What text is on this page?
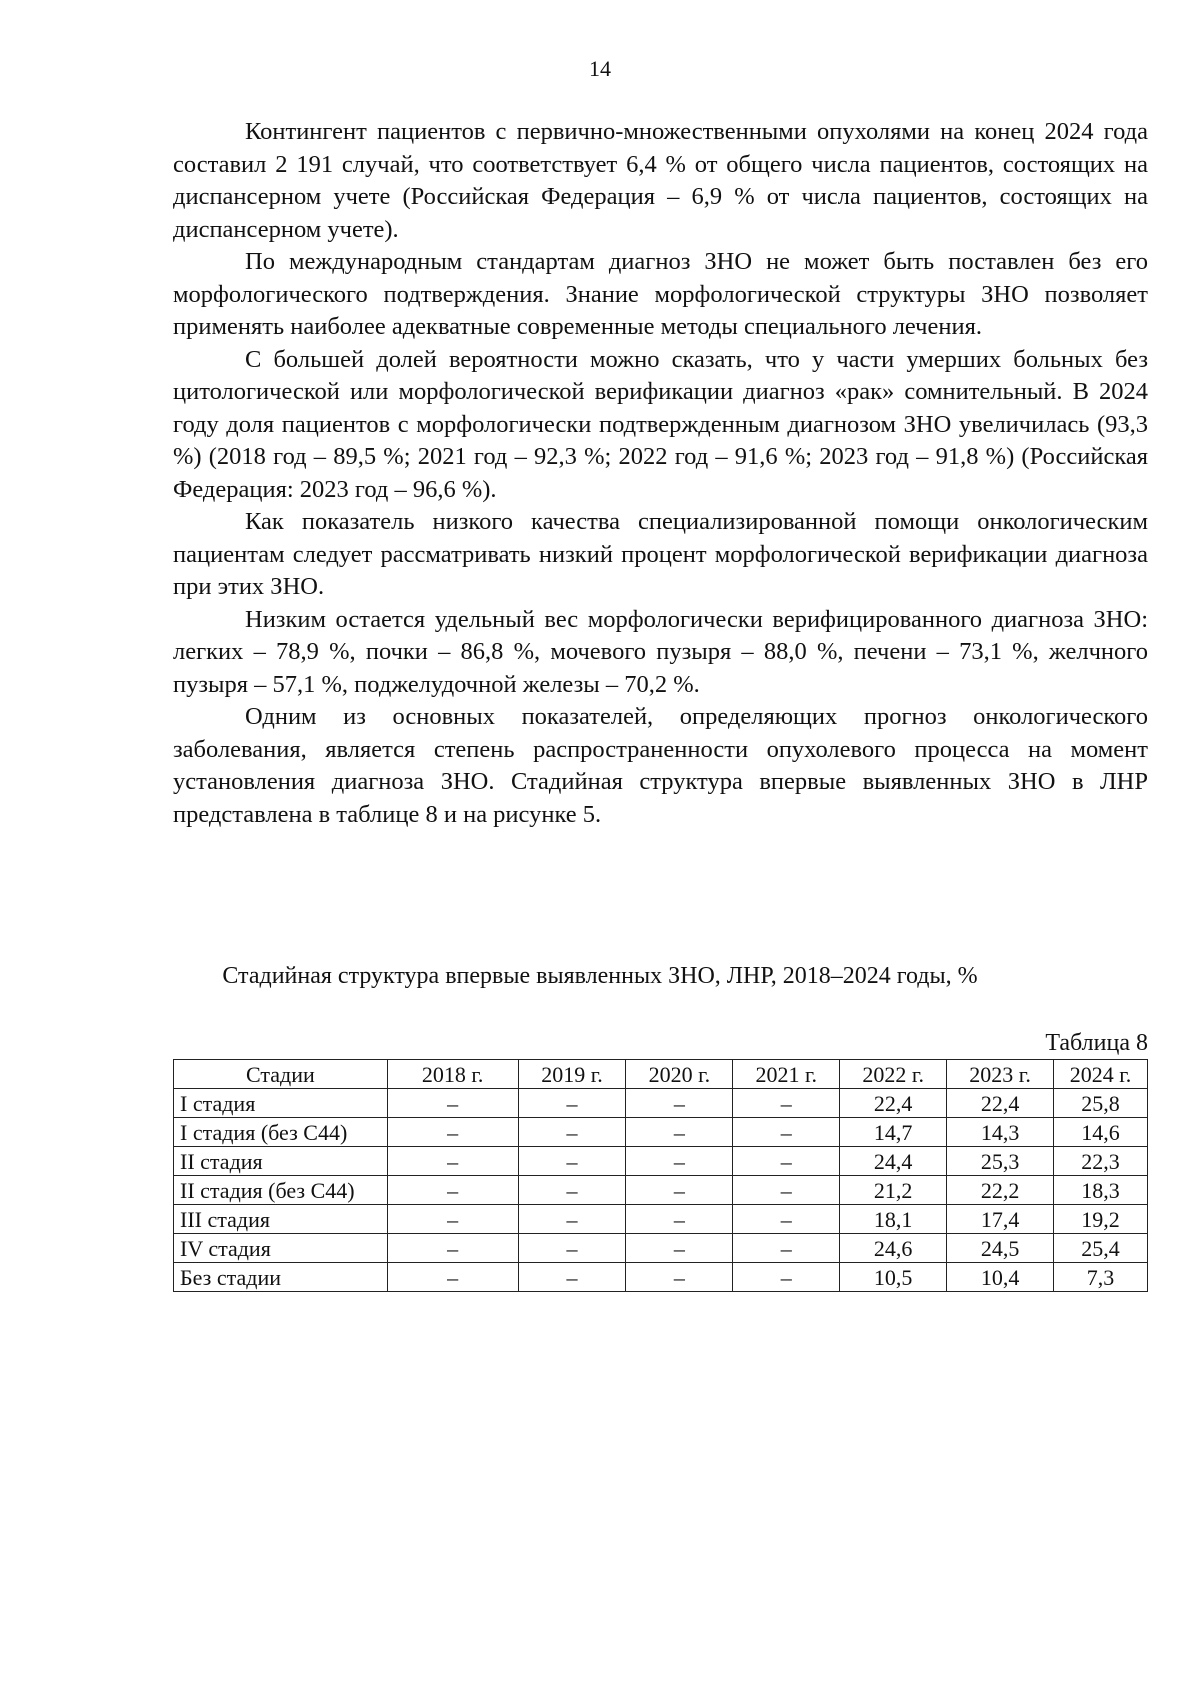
14

Контингент пациентов с первично-множественными опухолями на конец 2024 года составил 2 191 случай, что соответствует 6,4 % от общего числа пациентов, состоящих на диспансерном учете (Российская Федерация – 6,9 % от числа пациентов, состоящих на диспансерном учете).

По международным стандартам диагноз ЗНО не может быть поставлен без его морфологического подтверждения. Знание морфологической структуры ЗНО позволяет применять наиболее адекватные современные методы специального лечения.

С большей долей вероятности можно сказать, что у части умерших больных без цитологической или морфологической верификации диагноз «рак» сомнительный. В 2024 году доля пациентов с морфологически подтвержденным диагнозом ЗНО увеличилась (93,3 %) (2018 год – 89,5 %; 2021 год – 92,3 %; 2022 год – 91,6 %; 2023 год – 91,8 %) (Российская Федерация: 2023 год – 96,6 %).

Как показатель низкого качества специализированной помощи онкологическим пациентам следует рассматривать низкий процент морфологической верификации диагноза при этих ЗНО.

Низким остается удельный вес морфологически верифицированного диагноза ЗНО: легких – 78,9 %, почки – 86,8 %, мочевого пузыря – 88,0 %, печени – 73,1 %, желчного пузыря – 57,1 %, поджелудочной железы – 70,2 %.

Одним из основных показателей, определяющих прогноз онкологического заболевания, является степень распространенности опухолевого процесса на момент установления диагноза ЗНО. Стадийная структура впервые выявленных ЗНО в ЛНР представлена в таблице 8 и на рисунке 5.

Стадийная структура впервые выявленных ЗНО, ЛНР, 2018–2024 годы, %
Таблица 8
Стадии	2018 г.	2019 г.	2020 г.	2021 г.	2022 г.	2023 г.	2024 г.
I стадия	–	–	–	–	22,4	22,4	25,8
I стадия (без С44)	–	–	–	–	14,7	14,3	14,6
II стадия	–	–	–	–	24,4	25,3	22,3
II стадия (без С44)	–	–	–	–	21,2	22,2	18,3
III стадия	–	–	–	–	18,1	17,4	19,2
IV стадия	–	–	–	–	24,6	24,5	25,4
Без стадии	–	–	–	–	10,5	10,4	7,3
